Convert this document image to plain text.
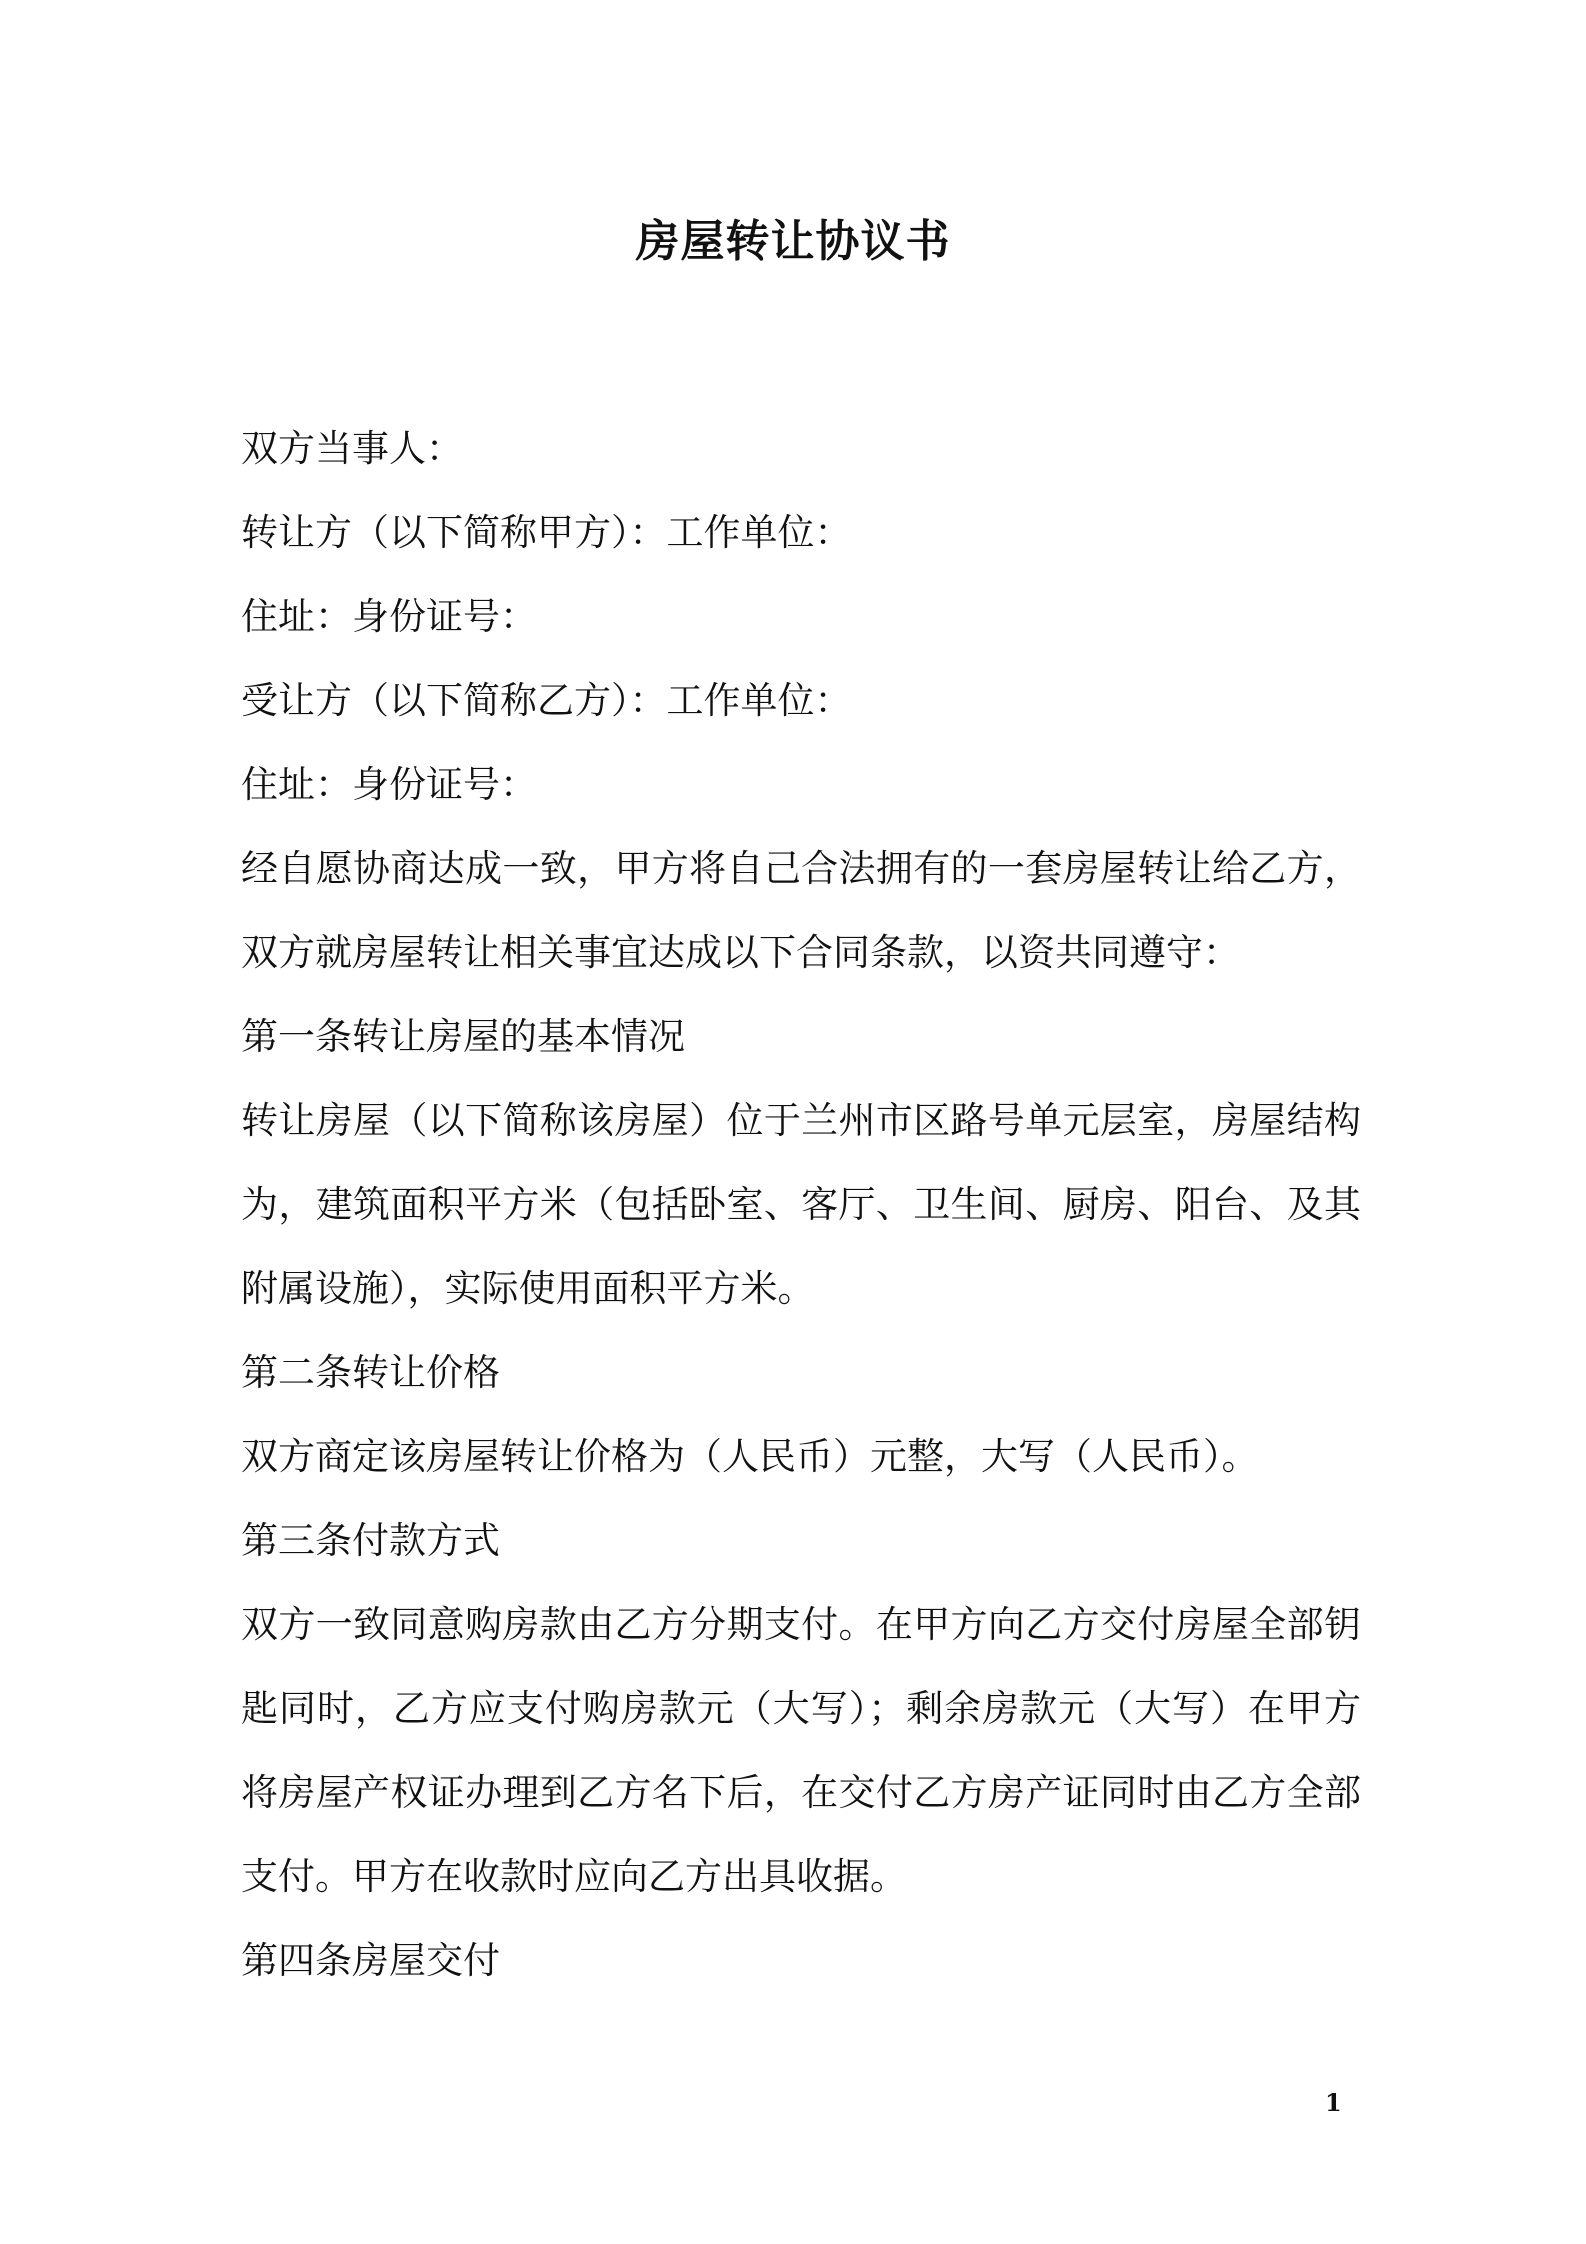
房屋转让协议书
双方当事人：
转让方（以下简称甲方）：工作单位：
住址：身份证号：
受让方（以下简称乙方）：工作单位：
住址：身份证号：
经自愿协商达成一致，甲方将自己合法拥有的一套房屋转让给乙方，
双方就房屋转让相关事宜达成以下合同条款，以资共同遵守：
第一条转让房屋的基本情况
转让房屋（以下简称该房屋）位于兰州市区路号单元层室，房屋结构
为，建筑面积平方米（包括卧室、客厅、卫生间、厨房、阳台、及其
附属设施），实际使用面积平方米。
第二条转让价格
双方商定该房屋转让价格为（人民币）元整，大写（人民币）。
第三条付款方式
双方一致同意购房款由乙方分期支付。在甲方向乙方交付房屋全部钥
匙同时，乙方应支付购房款元（大写）；剩余房款元（大写）在甲方
将房屋产权证办理到乙方名下后，在交付乙方房产证同时由乙方全部
支付。甲方在收款时应向乙方出具收据。
第四条房屋交付
1
